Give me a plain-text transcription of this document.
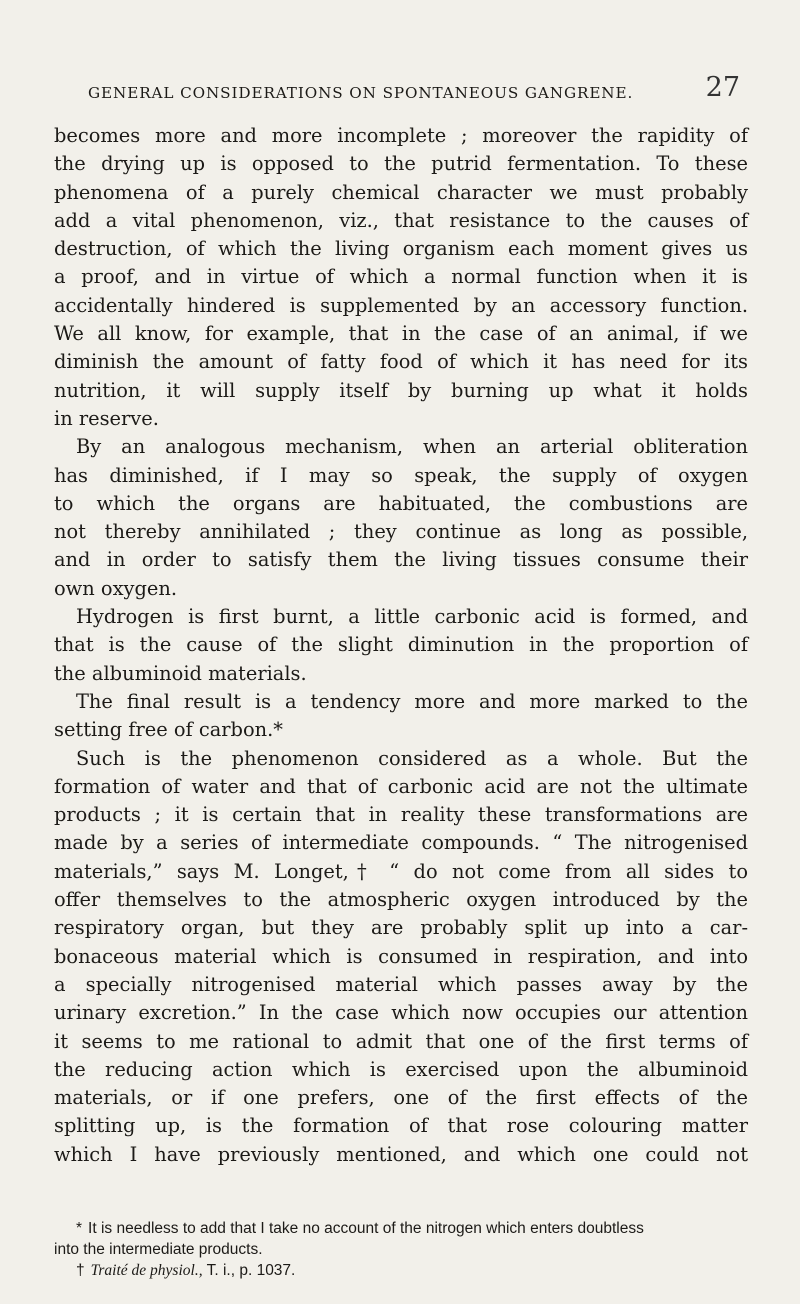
GENERAL CONSIDERATIONS ON SPONTANEOUS GANGRENE.	27
becomes more and more incomplete ; moreover the rapidity of
the drying up is opposed to the putrid fermentation. To these
phenomena of a purely chemical character we must probably
add a vital phenomenon, viz., that resistance to the causes of
destruction, of which the living organism each moment gives us
a proof, and in virtue of which a normal function when it is
accidentally hindered is supplemented by an accessory function.
We all know, for example, that in the case of an animal, if we
diminish the amount of fatty food of which it has need for its
nutrition, it will supply itself by burning up what it holds
in reserve.
By an analogous mechanism, when an arterial obliteration
has diminished, if I may so speak, the supply of oxygen
to which the organs are habituated, the combustions are
not thereby annihilated ; they continue as long as possible,
and in order to satisfy them the living tissues consume their
own oxygen.
Hydrogen is first burnt, a little carbonic acid is formed, and
that is the cause of the slight diminution in the proportion of
the albuminoid materials.
The final result is a tendency more and more marked to the
setting free of carbon.*
Such is the phenomenon considered as a whole. But the
formation of water and that of carbonic acid are not the ultimate
products ; it is certain that in reality these transformations are
made by a series of intermediate compounds. “ The nitrogenised
materials,” says M. Longet,† “ do not come from all sides to
offer themselves to the atmospheric oxygen introduced by the
respiratory organ, but they are probably split up into a car-
bonaceous material which is consumed in respiration, and into
a specially nitrogenised material which passes away by the
urinary excretion.” In the case which now occupies our attention
it seems to me rational to admit that one of the first terms of
the reducing action which is exercised upon the albuminoid
materials, or if one prefers, one of the first effects of the
splitting up, is the formation of that rose colouring matter
which I have previously mentioned, and which one could not
* It is needless to add that I take no account of the nitrogen which enters doubtless
into the intermediate products.
† Traité de physiol., T. i., p. 1037.
